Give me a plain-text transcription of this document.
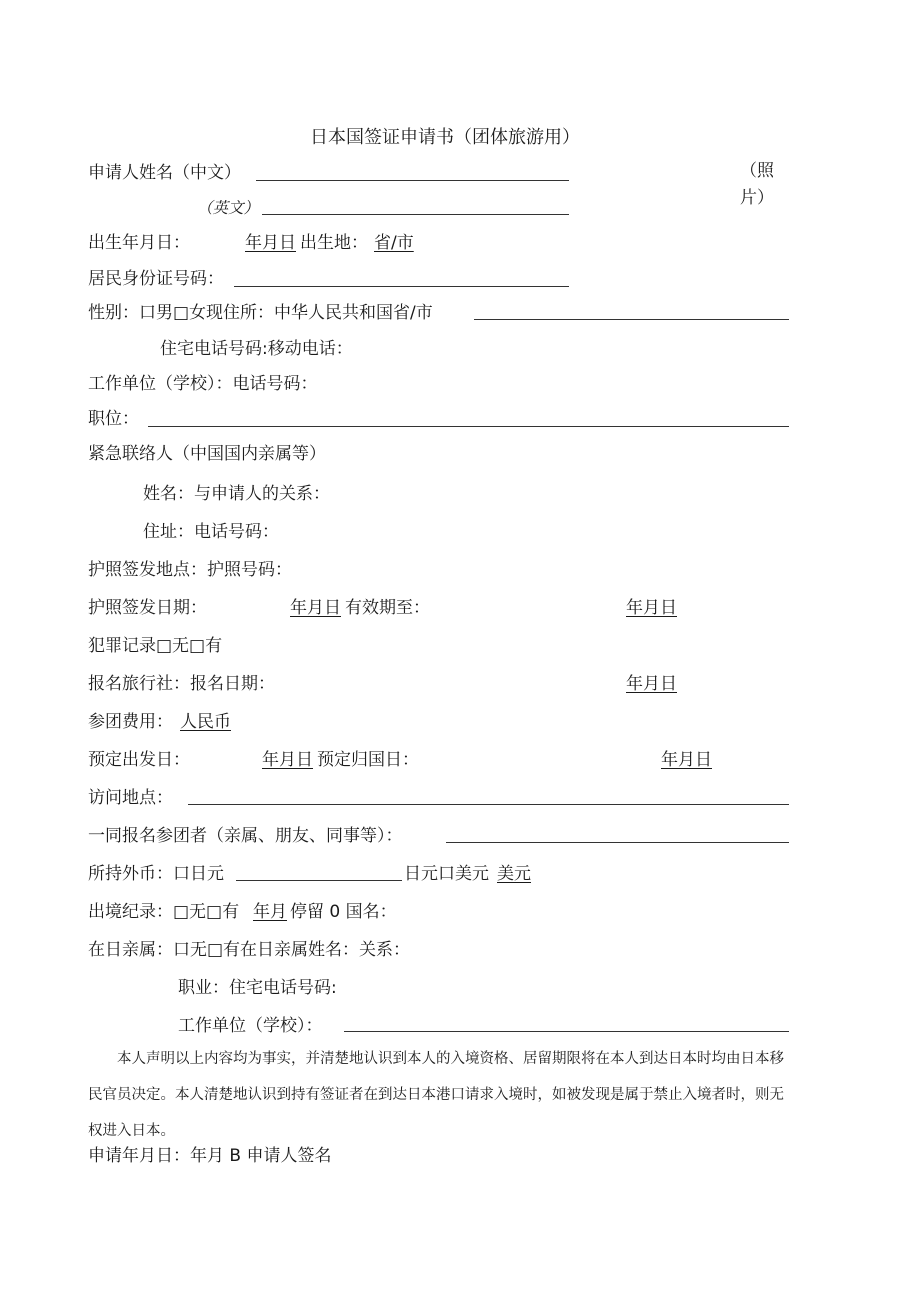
日本国签证申请书（团体旅游用）
（照
片）
申请人姓名（中文）
（英文）
出生年月日：	年月日 出生地： 省/市
居民身份证号码：
性别：口男□女现住所：中华人民共和国省/市
住宅电话号码:移动电话：
工作单位（学校）：电话号码：
职位：
紧急联络人（中国国内亲属等）
姓名：与申请人的关系：
住址：电话号码：
护照签发地点：护照号码：
护照签发日期：	年月日 有效期至：	年月日
犯罪记录□无□有
报名旅行社：报名日期：	年月日
参团费用： 人民币
预定出发日：	年月日 预定归国日：	年月日
访问地点：
一同报名参团者（亲属、朋友、同事等）：
所持外币：口日元	日元口美元 美元
出境纪录：□无□有 年月 停留 0 国名：
在日亲属：口无□有在日亲属姓名：关系：
职业：住宅电话号码:
工作单位（学校）：
本人声明以上内容均为事实，并清楚地认识到本人的入境资格、居留期限将在本人到达日本时均由日本移
民官员决定。本人清楚地认识到持有签证者在到达日本港口请求入境时，如被发现是属于禁止入境者时，则无
权进入日本。
申请年月日：年月 B 申请人签名
